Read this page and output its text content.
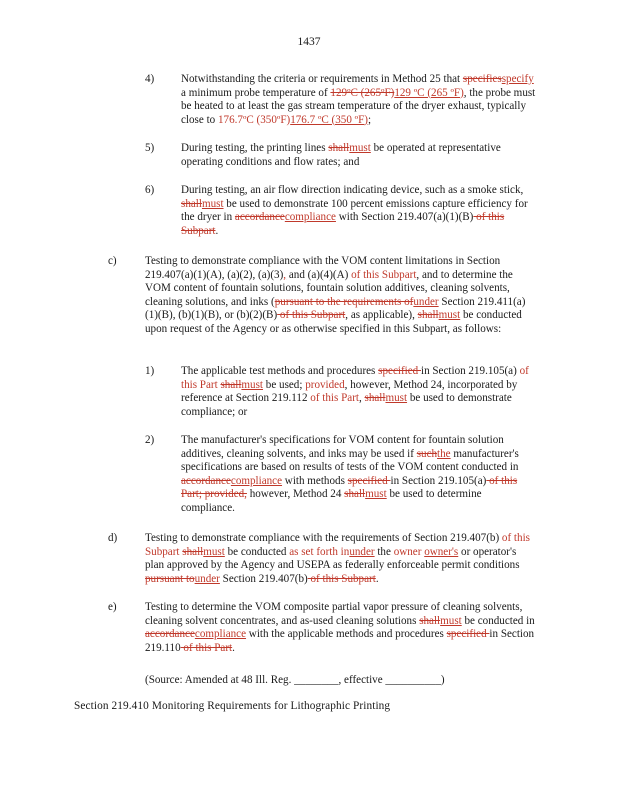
1437
4) Notwithstanding the criteria or requirements in Method 25 that specifiesspecify a minimum probe temperature of 129ºC (265ºF)129 ºC (265 ºF), the probe must be heated to at least the gas stream temperature of the dryer exhaust, typically close to 176.7ºC (350ºF)176.7 ºC (350 ºF);
5) During testing, the printing lines shallmust be operated at representative operating conditions and flow rates; and
6) During testing, an air flow direction indicating device, such as a smoke stick, shallmust be used to demonstrate 100 percent emissions capture efficiency for the dryer in accordancecompliance with Section 219.407(a)(1)(B) of this Subpart.
c)	Testing to demonstrate compliance with the VOM content limitations in Section 219.407(a)(1)(A), (a)(2), (a)(3), and (a)(4)(A) of this Subpart, and to determine the VOM content of fountain solutions, fountain solution additives, cleaning solvents, cleaning solutions, and inks (pursuant to the requirements ofunder Section 219.411(a)(1)(B), (b)(1)(B), or (b)(2)(B) of this Subpart, as applicable), shallmust be conducted upon request of the Agency or as otherwise specified in this Subpart, as follows:
1) The applicable test methods and procedures specified in Section 219.105(a) of this Part shallmust be used; provided, however, Method 24, incorporated by reference at Section 219.112 of this Part, shallmust be used to demonstrate compliance; or
2) The manufacturer's specifications for VOM content for fountain solution additives, cleaning solvents, and inks may be used if suchthe manufacturer's specifications are based on results of tests of the VOM content conducted in accordancecompliance with methods specified in Section 219.105(a) of this Part; provided, however, Method 24 shallmust be used to determine compliance.
d)	Testing to demonstrate compliance with the requirements of Section 219.407(b) of this Subpart shallmust be conducted as set forth inunder the owner owner's or operator's plan approved by the Agency and USEPA as federally enforceable permit conditions pursuant tounder Section 219.407(b) of this Subpart.
e)	Testing to determine the VOM composite partial vapor pressure of cleaning solvents, cleaning solvent concentrates, and as-used cleaning solutions shallmust be conducted in accordancecompliance with the applicable methods and procedures specified in Section 219.110 of this Part.
(Source: Amended at 48 Ill. Reg. ________, effective __________)
Section 219.410 Monitoring Requirements for Lithographic Printing
